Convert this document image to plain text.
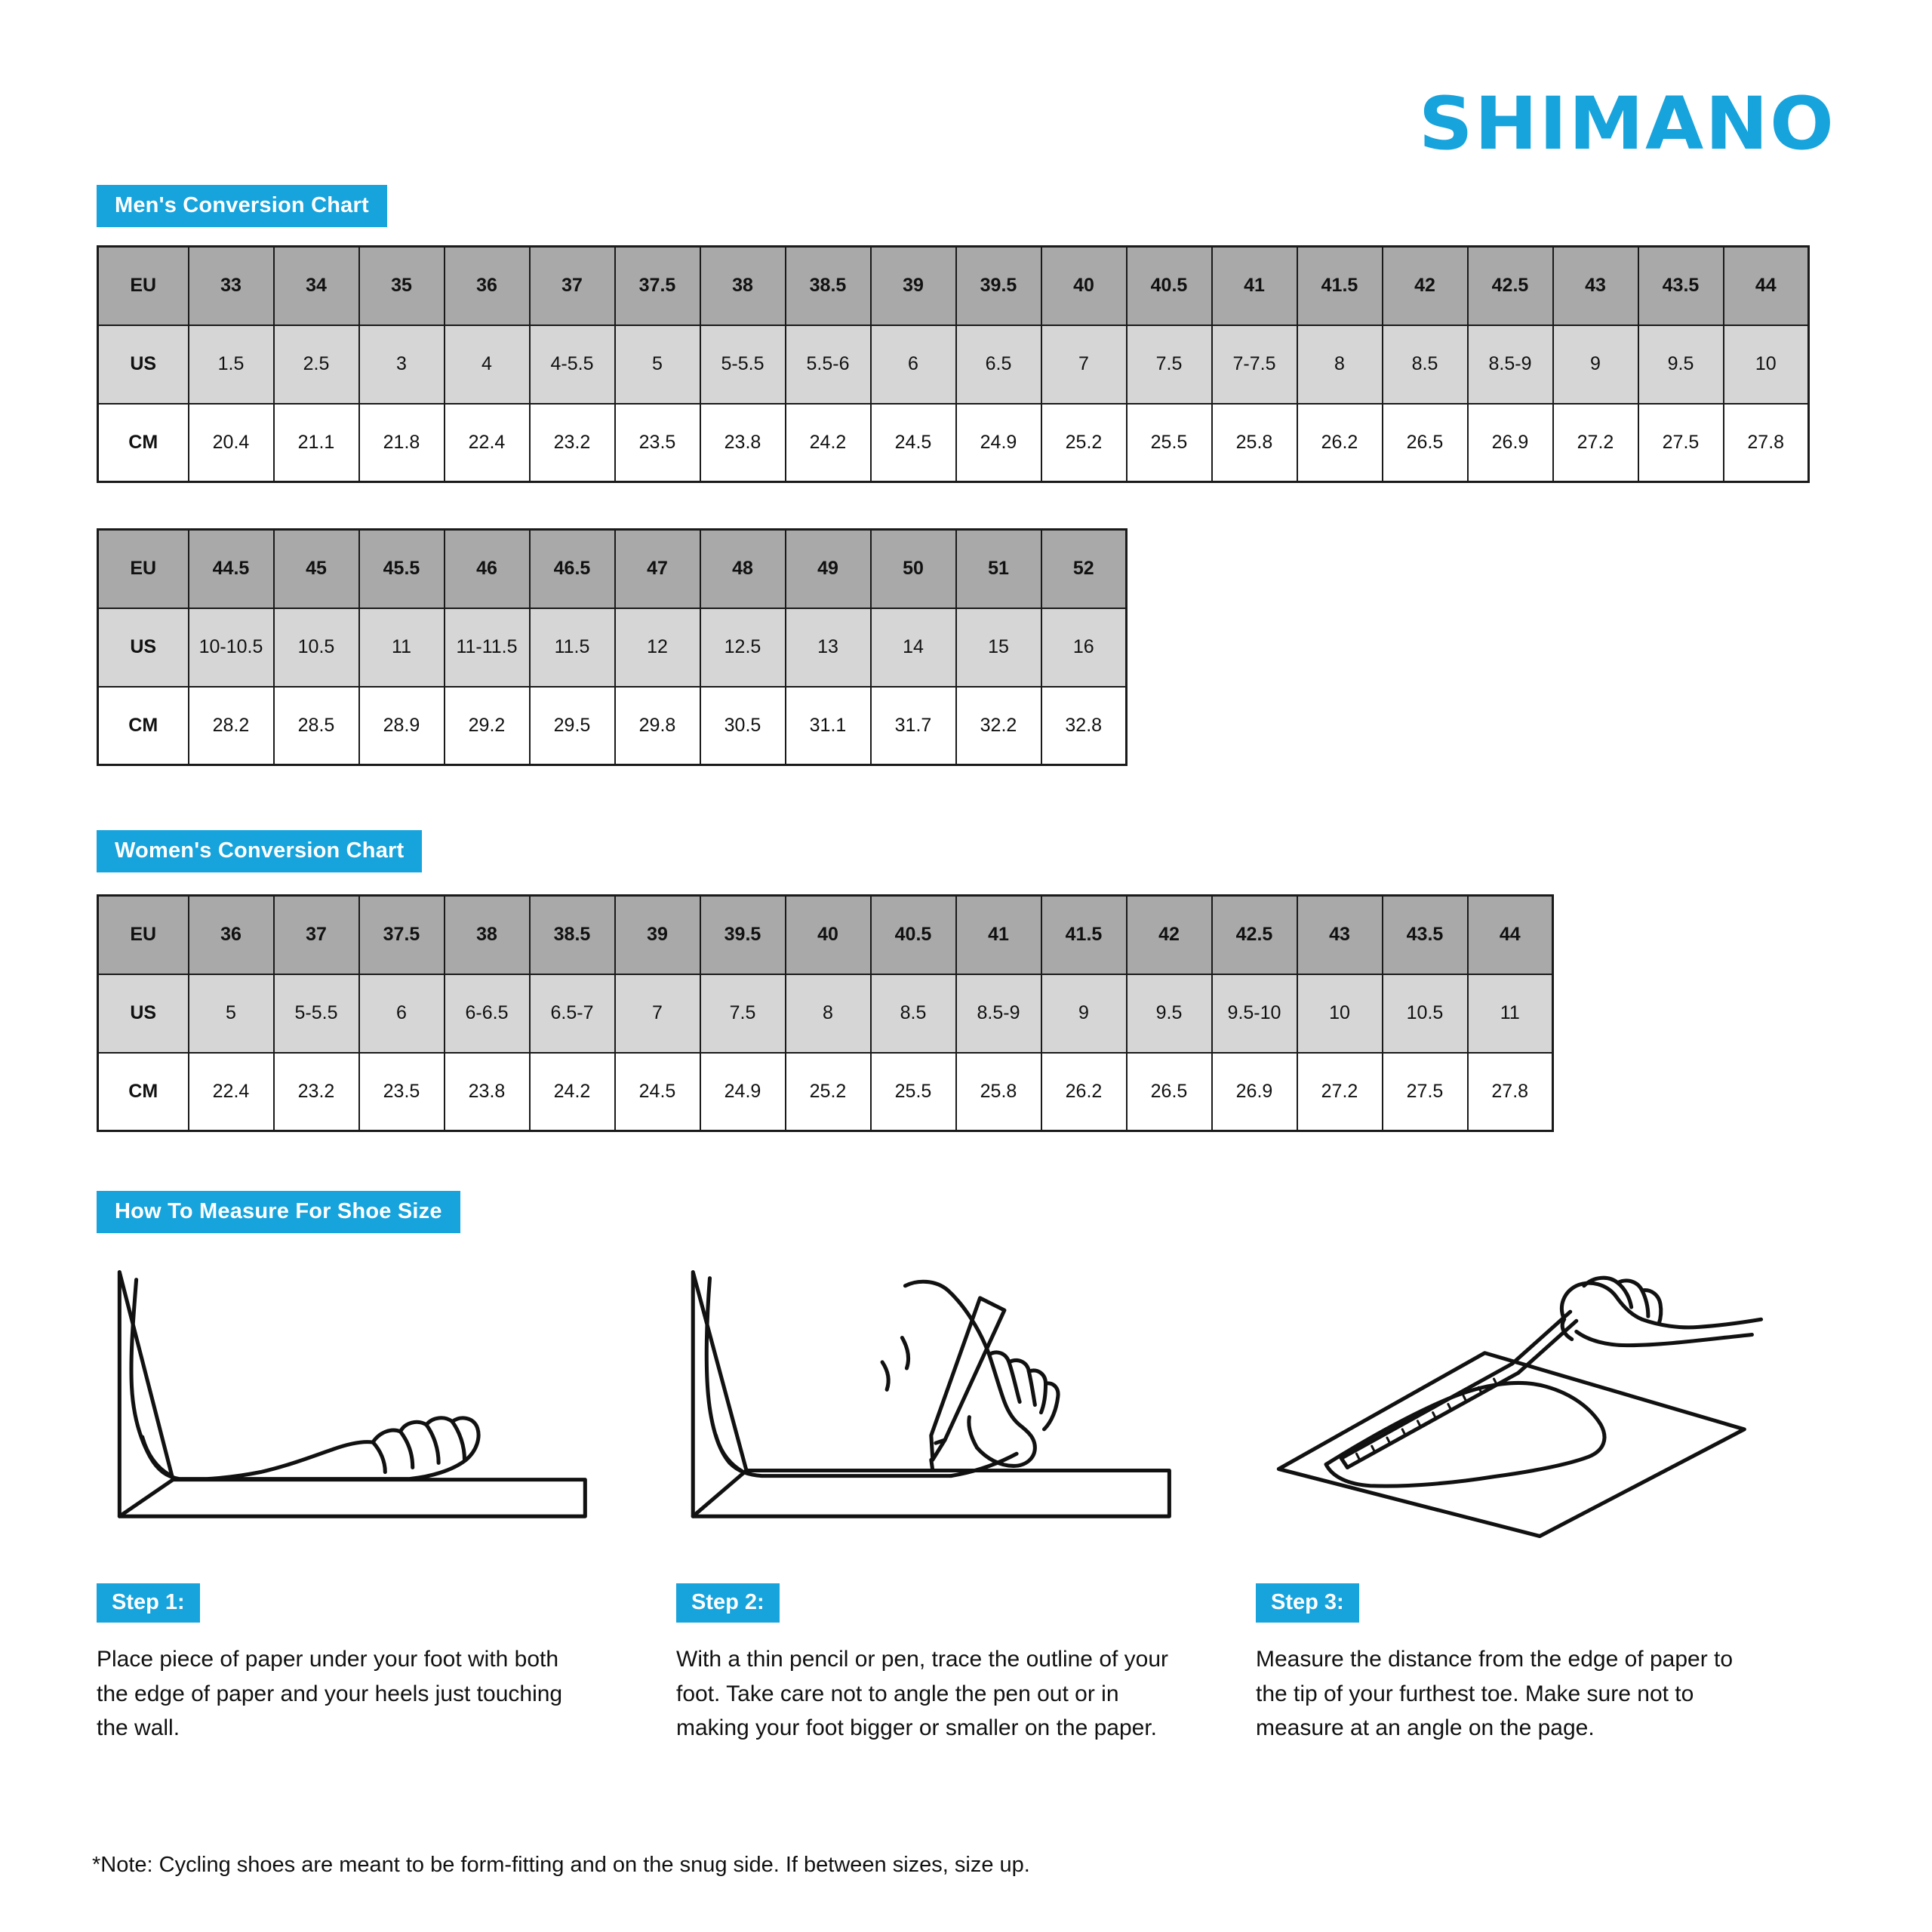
SHIMANO
Men's Conversion Chart
EU	33	34	35	36	37	37.5	38	38.5	39	39.5	40	40.5	41	41.5	42	42.5	43	43.5	44
US	1.5	2.5	3	4	4-5.5	5	5-5.5	5.5-6	6	6.5	7	7.5	7-7.5	8	8.5	8.5-9	9	9.5	10
CM	20.4	21.1	21.8	22.4	23.2	23.5	23.8	24.2	24.5	24.9	25.2	25.5	25.8	26.2	26.5	26.9	27.2	27.5	27.8
EU	44.5	45	45.5	46	46.5	47	48	49	50	51	52
US	10-10.5	10.5	11	11-11.5	11.5	12	12.5	13	14	15	16
CM	28.2	28.5	28.9	29.2	29.5	29.8	30.5	31.1	31.7	32.2	32.8
Women's Conversion Chart
EU	36	37	37.5	38	38.5	39	39.5	40	40.5	41	41.5	42	42.5	43	43.5	44
US	5	5-5.5	6	6-6.5	6.5-7	7	7.5	8	8.5	8.5-9	9	9.5	9.5-10	10	10.5	11
CM	22.4	23.2	23.5	23.8	24.2	24.5	24.9	25.2	25.5	25.8	26.2	26.5	26.9	27.2	27.5	27.8
How To Measure For Shoe Size
Step 1:
Place piece of paper under your foot with both the edge of paper and your heels just touching the wall.
Step 2:
With a thin pencil or pen, trace the outline of your foot. Take care not to angle the pen out or in making your foot bigger or smaller on the paper.
Step 3:
Measure the distance from the edge of paper to the tip of your furthest toe. Make sure not to measure at an angle on the page.
*Note: Cycling shoes are meant to be form-fitting and on the snug side. If between sizes, size up.
